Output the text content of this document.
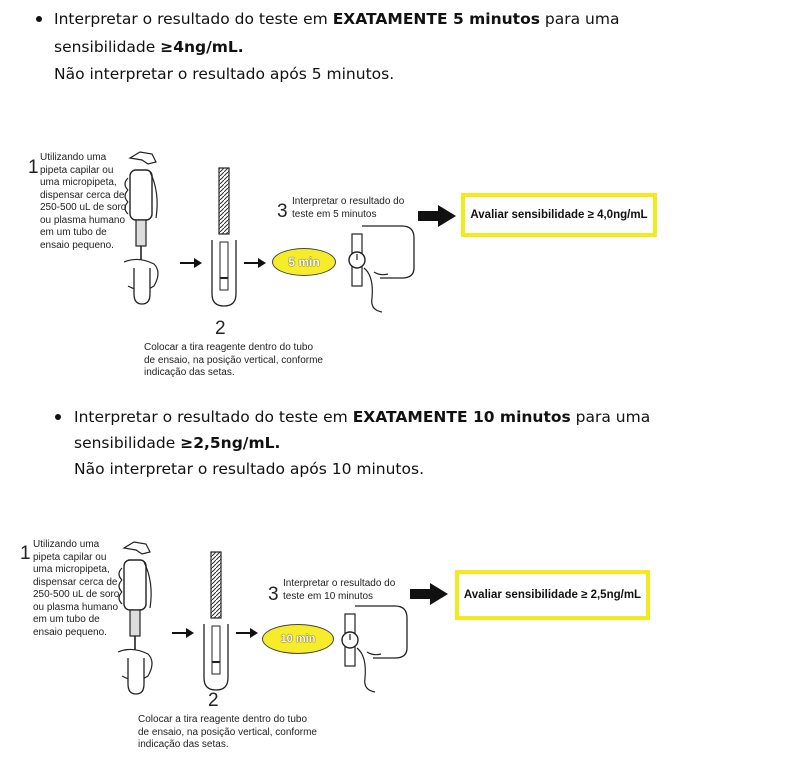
Interpretar o resultado do teste em EXATAMENTE 5 minutos para uma
sensibilidade ≥4ng/mL.
Não interpretar o resultado após 5 minutos.
1 Utilizando uma
pipeta capilar ou
uma micropipeta,
dispensar cerca de
250-500 uL de soro
ou plasma humano
em um tubo de
ensaio pequeno.
2
Colocar a tira reagente dentro do tubo
de ensaio, na posição vertical, conforme
indicação das setas.
3 Interpretar o resultado do
teste em 5 minutos
5 min
Avaliar sensibilidade ≥ 4,0ng/mL
Interpretar o resultado do teste em EXATAMENTE 10 minutos para uma
sensibilidade ≥2,5ng/mL.
Não interpretar o resultado após 10 minutos.
1 Utilizando uma
pipeta capilar ou
uma micropipeta,
dispensar cerca de
250-500 uL de soro
ou plasma humano
em um tubo de
ensaio pequeno.
2
Colocar a tira reagente dentro do tubo
de ensaio, na posição vertical, conforme
indicação das setas.
3
Interpretar o resultado do
teste em 10 minutos
10 min
Avaliar sensibilidade ≥ 2,5ng/mL
